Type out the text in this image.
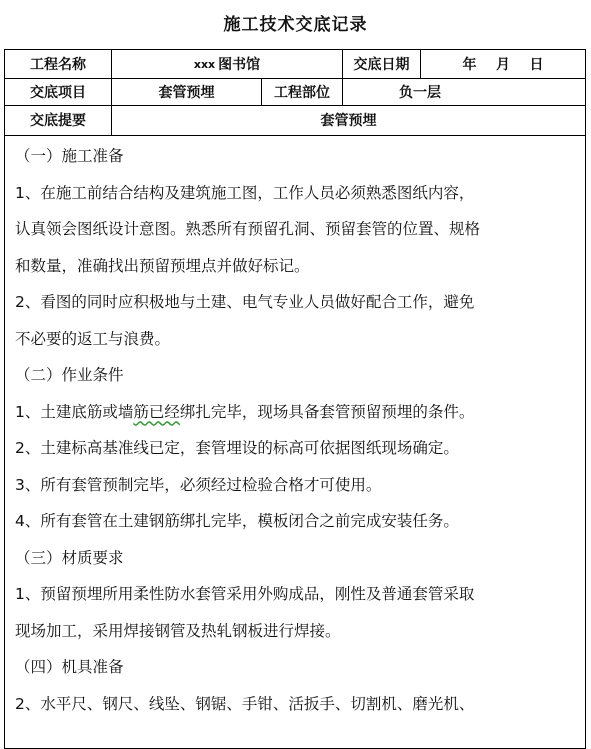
施工技术交底记录
工程名称	xxx 图书馆	交底日期	年    月    日
交底项目	套管预埋	工程部位	负一层
交底提要	套管预埋
（一）施工准备
1、在施工前结合结构及建筑施工图，工作人员必须熟悉图纸内容，
认真领会图纸设计意图。熟悉所有预留孔洞、预留套管的位置、规格
和数量，准确找出预留预埋点并做好标记。
2、看图的同时应积极地与土建、电气专业人员做好配合工作，避免
不必要的返工与浪费。
（二）作业条件
1、土建底筋或墙筋已经绑扎完毕，现场具备套管预留预埋的条件。
2、土建标高基准线已定，套管埋设的标高可依据图纸现场确定。
3、所有套管预制完毕，必须经过检验合格才可使用。
4、所有套管在土建钢筋绑扎完毕，模板闭合之前完成安装任务。
（三）材质要求
1、预留预埋所用柔性防水套管采用外购成品，刚性及普通套管采取
现场加工，采用焊接钢管及热轧钢板进行焊接。
（四）机具准备
2、水平尺、钢尺、线坠、钢锯、手钳、活扳手、切割机、磨光机、
